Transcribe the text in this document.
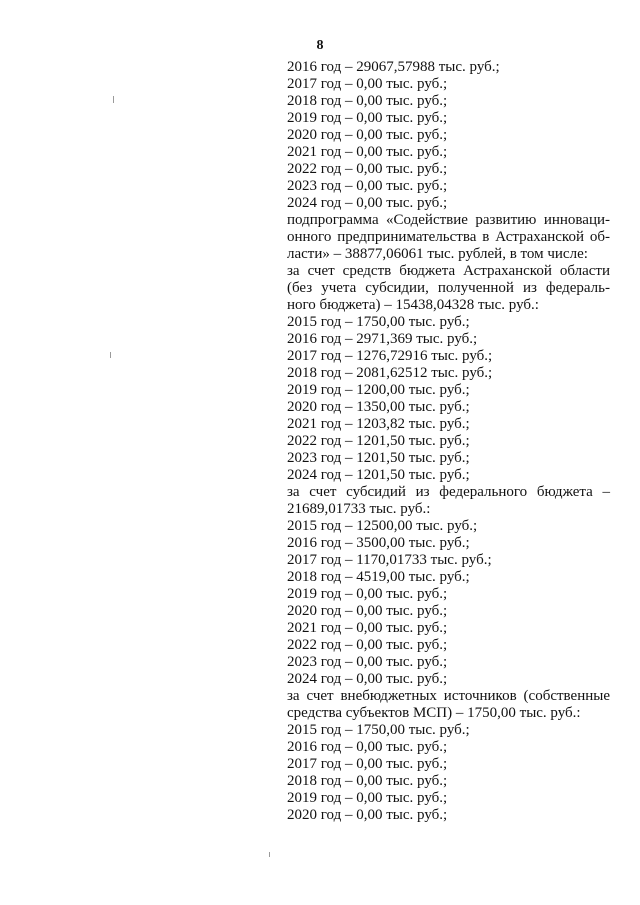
8
2016 год – 29067,57988 тыс. руб.;
2017 год – 0,00 тыс. руб.;
2018 год – 0,00 тыс. руб.;
2019 год – 0,00 тыс. руб.;
2020 год – 0,00 тыс. руб.;
2021 год – 0,00 тыс. руб.;
2022 год – 0,00 тыс. руб.;
2023 год – 0,00 тыс. руб.;
2024 год – 0,00 тыс. руб.;
подпрограмма «Содействие развитию инноваци-
онного предпринимательства в Астраханской об-
ласти» – 38877,06061 тыс. рублей, в том числе:
за счет средств бюджета Астраханской области
(без учета субсидии, полученной из федераль-
ного бюджета) – 15438,04328 тыс. руб.:
2015 год – 1750,00 тыс. руб.;
2016 год – 2971,369 тыс. руб.;
2017 год – 1276,72916 тыс. руб.;
2018 год – 2081,62512 тыс. руб.;
2019 год – 1200,00 тыс. руб.;
2020 год – 1350,00 тыс. руб.;
2021 год – 1203,82 тыс. руб.;
2022 год – 1201,50 тыс. руб.;
2023 год – 1201,50 тыс. руб.;
2024 год – 1201,50 тыс. руб.;
за счет субсидий из федерального бюджета –
21689,01733 тыс. руб.:
2015 год – 12500,00 тыс. руб.;
2016 год – 3500,00 тыс. руб.;
2017 год – 1170,01733 тыс. руб.;
2018 год – 4519,00 тыс. руб.;
2019 год – 0,00 тыс. руб.;
2020 год – 0,00 тыс. руб.;
2021 год – 0,00 тыс. руб.;
2022 год – 0,00 тыс. руб.;
2023 год – 0,00 тыс. руб.;
2024 год – 0,00 тыс. руб.;
за счет внебюджетных источников (собственные
средства субъектов МСП) – 1750,00 тыс. руб.:
2015 год – 1750,00 тыс. руб.;
2016 год – 0,00 тыс. руб.;
2017 год – 0,00 тыс. руб.;
2018 год – 0,00 тыс. руб.;
2019 год – 0,00 тыс. руб.;
2020 год – 0,00 тыс. руб.;
